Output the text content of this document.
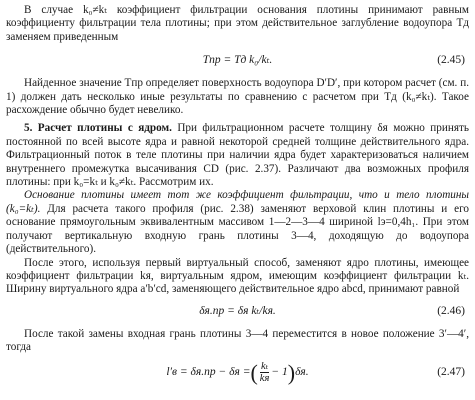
В случае k₀≠kₜ коэффициент фильтрации основания плотины принимают равным коэффициенту фильтрации тела плотины; при этом действительное заглубление водоупора Tд заменяем приведенным

Tпр = Tд k₀/kₜ.	(2.45)

Найденное значение Tпр определяет поверхность водоупора D′D′, при котором расчет (см. п. 1) должен дать несколько иные результаты по сравнению с расчетом при Tд (k₀≠kₜ). Такое расхождение обычно будет невелико.

5. Расчет плотины с ядром. При фильтрационном расчете толщину δя можно принять постоянной по всей высоте ядра и равной некоторой средней толщине действительного ядра. Фильтрационный поток в теле плотины при наличии ядра будет характеризоваться наличием внутреннего промежутка высачивания CD (рис. 2.37). Различают два возможных профиля плотины: при k₀=kₜ и k₀≠kₜ. Рассмотрим их.

Основание плотины имеет тот же коэффициент фильтрации, что и тело плотины (k₀=kₜ). Для расчета такого профиля (рис. 2.38) заменяют верховой клин плотины и его основание прямоугольным эквивалентным массивом 1—2—3—4 шириной lэ=0,4h₁. При этом получают вертикальную входную грань плотины 3—4, доходящую до водоупора (действительного).

После этого, используя первый виртуальный способ, заменяют ядро плотины, имеющее коэффициент фильтрации kя, виртуальным ядром, имеющим коэффициент фильтрации kₜ. Ширину виртуального ядра a′b′cd, заменяющего действительное ядро abcd, принимают равной

δя.пр = δя kₜ/kя.	(2.46)

После такой замены входная грань плотины 3—4 переместится в новое положение 3′—4′, тогда

l′в = δя.пр − δя = ( $\frac{\text{kₜ}}{kя} - 1$ ) δя.	(2.47)
